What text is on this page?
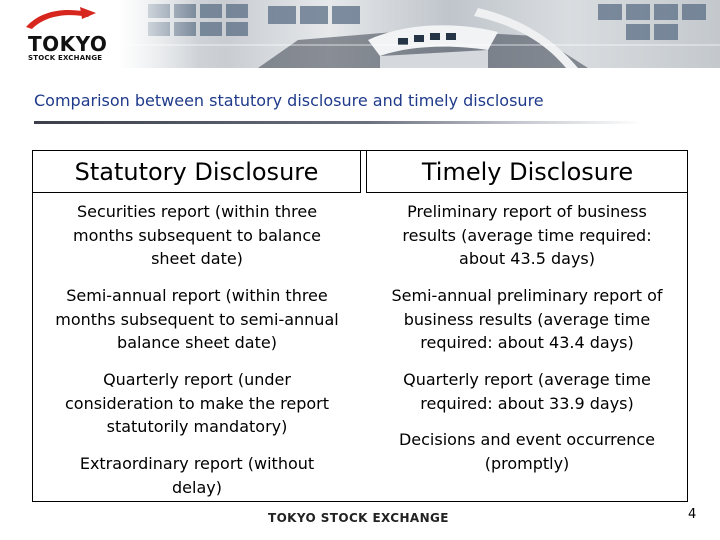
TOKYO
STOCK EXCHANGE
Comparison between statutory disclosure and timely disclosure
Statutory Disclosure	Timely Disclosure
Securities report (within three
months subsequent to balance
sheet date)
Semi-annual report (within three
months subsequent to semi-annual
balance sheet date)
Quarterly report (under
consideration to make the report
statutorily mandatory)
Extraordinary report (without
delay)
Preliminary report of business
results (average time required:
about 43.5 days)
Semi-annual preliminary report of
business results (average time
required: about 43.4 days)
Quarterly report (average time
required: about 33.9 days)
Decisions and event occurrence
(promptly)
TOKYO STOCK EXCHANGE	4
